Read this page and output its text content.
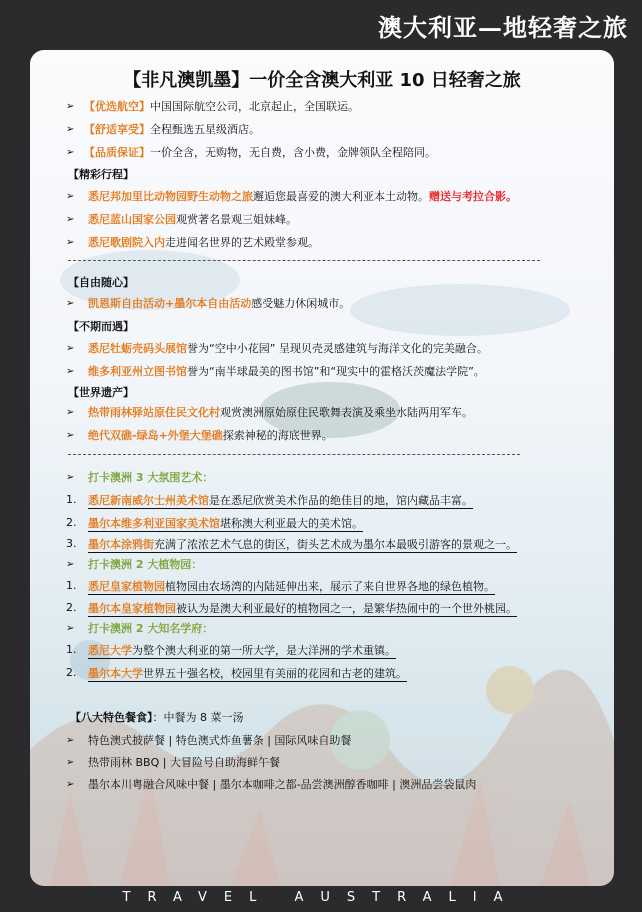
澳大利亚—地轻奢之旅
【非凡澳凯墨】一价全含澳大利亚 10 日轻奢之旅
➢ 【优选航空】中国国际航空公司，北京起止，全国联运。
➢ 【舒适享受】全程甄选五星级酒店。
➢ 【品质保证】一价全含，无购物，无自费，含小费，金牌领队全程陪同。
【精彩行程】
➢ 悉尼邦加里比动物园野生动物之旅邂逅您最喜爱的澳大利亚本土动物。赠送与考拉合影。
➢ 悉尼蓝山国家公园观赏著名景观三姐妹峰。
➢ 悉尼歌剧院入内走进闻名世界的艺术殿堂参观。
【自由随心】
➢ 凯恩斯自由活动+墨尔本自由活动感受魅力休闲城市。
【不期而遇】
➢ 悉尼牡蛎壳码头展馆誉为“空中小花园” 呈现贝壳灵感建筑与海洋文化的完美融合。
➢ 维多利亚州立图书馆誉为“南半球最美的图书馆”和“现实中的霍格沃茨魔法学院”。
【世界遗产】
➢ 热带雨林驿站原住民文化村观赏澳洲原始原住民歌舞表演及乘坐水陆两用军车。
➢ 绝代双礁-绿岛+外堡大堡礁探索神秘的海底世界。
➢ 打卡澳洲 3 大氛围艺术：
1. 悉尼新南威尔士州美术馆是在悉尼欣赏美术作品的绝佳目的地，馆内藏品丰富。
2. 墨尔本维多利亚国家美术馆堪称澳大利亚最大的美术馆。
3. 墨尔本涂鸦街充满了浓浓艺术气息的街区，街头艺术成为墨尔本最吸引游客的景观之一。
➢ 打卡澳洲 2 大植物园：
1. 悉尼皇家植物园植物园由农场湾的内陆延伸出来，展示了来自世界各地的绿色植物。
2. 墨尔本皇家植物园被认为是澳大利亚最好的植物园之一，是繁华热闹中的一个世外桃园。
➢ 打卡澳洲 2 大知名学府：
1. 悉尼大学为整个澳大利亚的第一所大学，是大洋洲的学术重镇。
2. 墨尔本大学世界五十强名校，校园里有美丽的花园和古老的建筑。
【八大特色餐食】：中餐为 8 菜一汤
➢ 特色澳式披萨餐 | 特色澳式炸鱼薯条 | 国际风味自助餐
➢ 热带雨林 BBQ | 大冒险号自助海鲜午餐
➢ 墨尔本川粤融合风味中餐 | 墨尔本咖啡之都-品尝澳洲醇香咖啡 | 澳洲品尝袋鼠肉
TRAVEL AUSTRALIA
